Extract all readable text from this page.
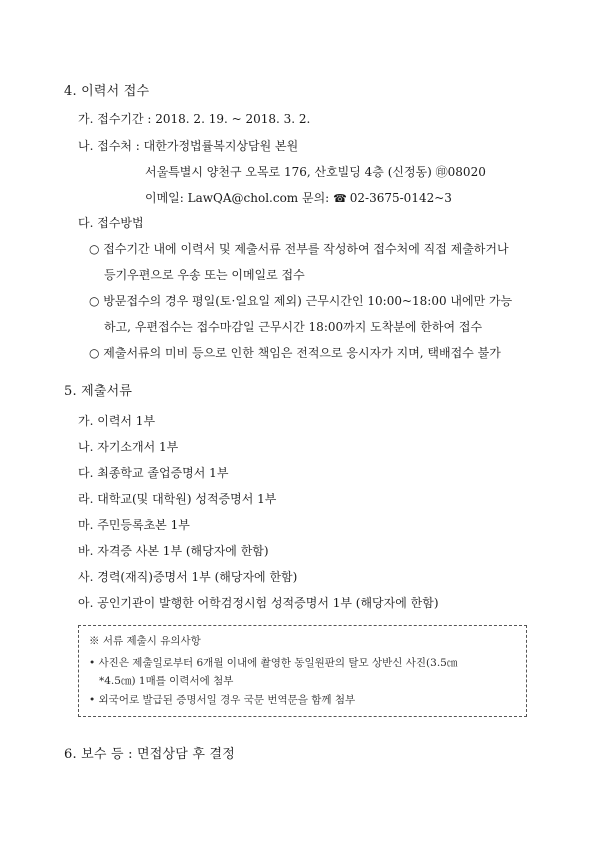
4. 이력서 접수
가. 접수기간 : 2018. 2. 19. ~ 2018. 3. 2.
나. 접수처 : 대한가정법률복지상담원 본원
서울특별시 양천구 오목로 176, 산호빌딩 4층 (신정동) ㊞08020
이메일: LawQA@chol.com 문의: ☎ 02-3675-0142~3
다. 접수방법
○ 접수기간 내에 이력서 및 제출서류 전부를 작성하여 접수처에 직접 제출하거나
등기우편으로 우송 또는 이메일로 접수
○ 방문접수의 경우 평일(토·일요일 제외) 근무시간인 10:00~18:00 내에만 가능
하고, 우편접수는 접수마감일 근무시간 18:00까지 도착분에 한하여 접수
○ 제출서류의 미비 등으로 인한 책임은 전적으로 응시자가 지며, 택배접수 불가
5. 제출서류
가. 이력서 1부
나. 자기소개서 1부
다. 최종학교 졸업증명서 1부
라. 대학교(및 대학원) 성적증명서 1부
마. 주민등록초본 1부
바. 자격증 사본 1부 (해당자에 한함)
사. 경력(재직)증명서 1부 (해당자에 한함)
아. 공인기관이 발행한 어학검정시험 성적증명서 1부 (해당자에 한함)
※ 서류 제출시 유의사항
• 사진은 제출일로부터 6개월 이내에 촬영한 동일원판의 탈모 상반신 사진(3.5㎝
*4.5㎝) 1매를 이력서에 첨부
• 외국어로 발급된 증명서일 경우 국문 번역문을 함께 첨부
6. 보수 등 : 면접상담 후 결정
